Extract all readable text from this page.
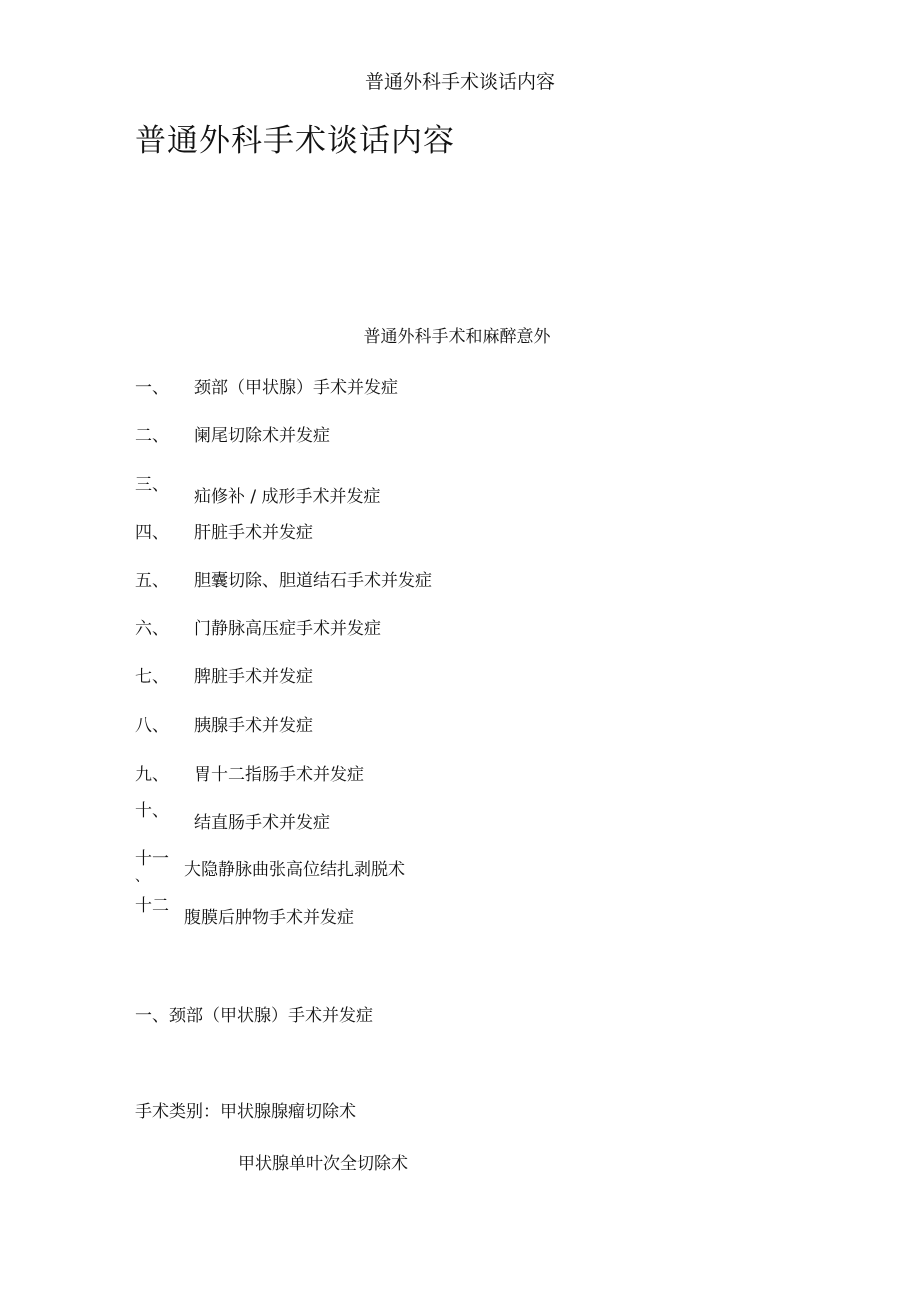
普通外科手术谈话内容
普通外科手术谈话内容
普通外科手术和麻醉意外
一、 颈部（甲状腺）手术并发症
二、 阑尾切除术并发症
三、
疝修补 / 成形手术并发症
四、 肝脏手术并发症
五、 胆囊切除、胆道结石手术并发症
六、 门静脉高压症手术并发症
七、 脾脏手术并发症
八、 胰腺手术并发症
九、 胃十二指肠手术并发症
十、
结直肠手术并发症
十一
、 大隐静脉曲张高位结扎剥脱术
十二
腹膜后肿物手术并发症
一、颈部（甲状腺）手术并发症
手术类别：甲状腺腺瘤切除术
甲状腺单叶次全切除术
